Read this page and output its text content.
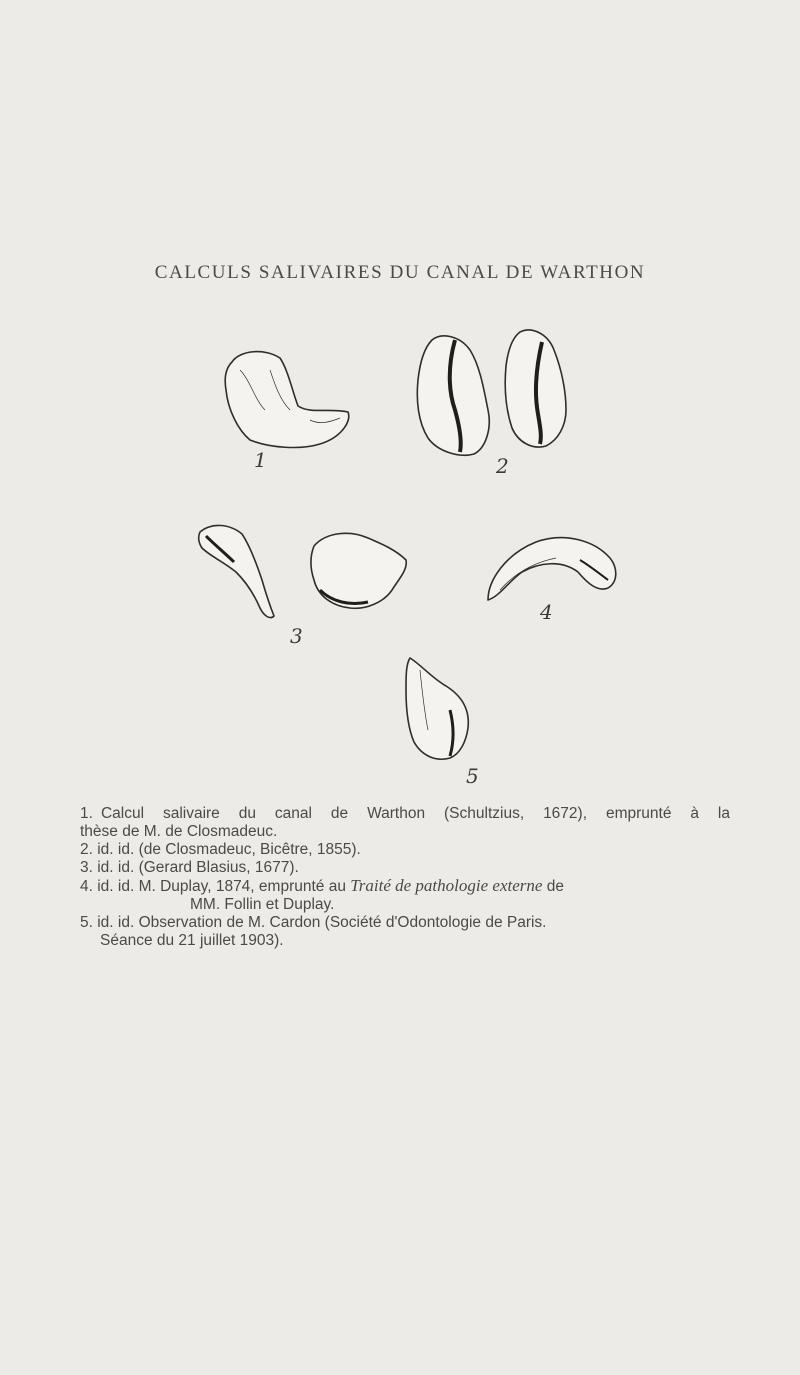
CALCULS SALIVAIRES DU CANAL DE WARTHON
1	2
3
4
5
1. Calcul salivaire du canal de Warthon (Schultzius, 1672), emprunté à la
thèse de M. de Closmadeuc.
2. id. id. (de Closmadeuc, Bicêtre, 1855).
3. id. id. (Gerard Blasius, 1677).
4. id. id. M. Duplay, 1874, emprunté au Traité de pathologie externe de
MM. Follin et Duplay.
5. id. id. Observation de M. Cardon (Société d'Odontologie de Paris.
Séance du 21 juillet 1903).
